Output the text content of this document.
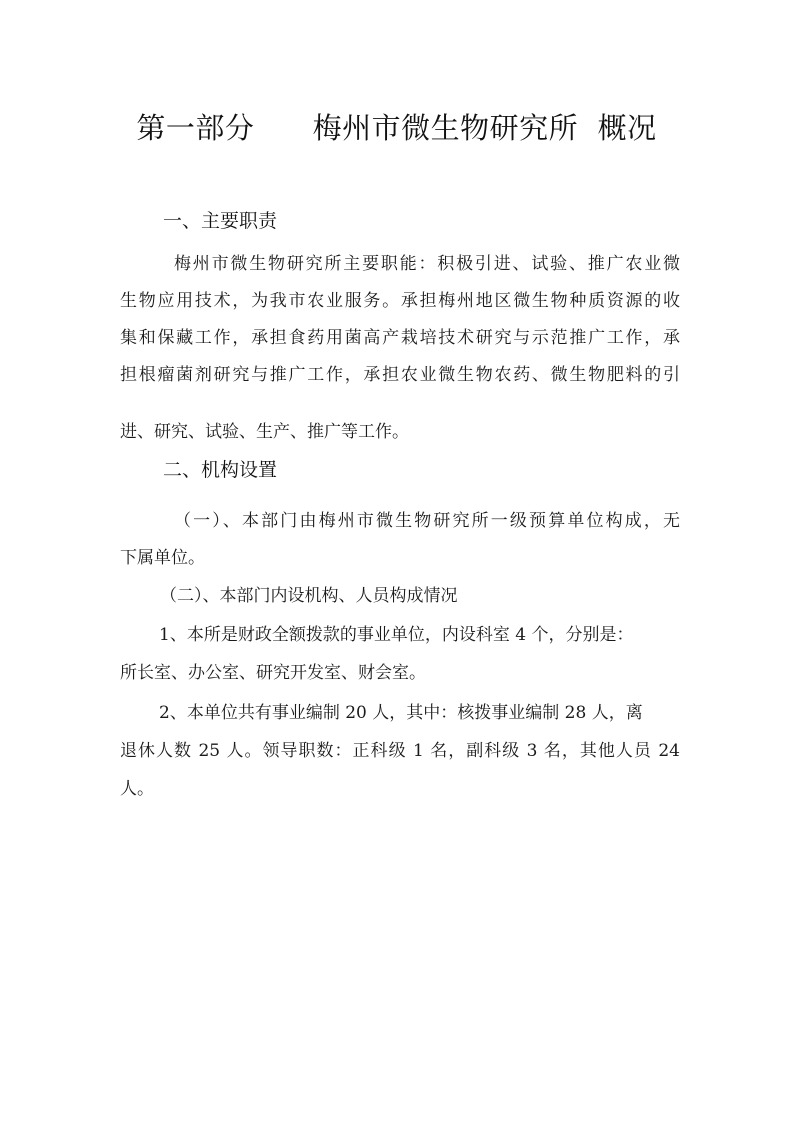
第一部分      梅州市微生物研究所  概况
一、主要职责
梅州市微生物研究所主要职能：积极引进、试验、推广农业微
生物应用技术，为我市农业服务。承担梅州地区微生物种质资源的收
集和保藏工作，承担食药用菌高产栽培技术研究与示范推广工作，承
担根瘤菌剂研究与推广工作，承担农业微生物农药、微生物肥料的引
进、研究、试验、生产、推广等工作。
二、机构设置
（一）、本部门由梅州市微生物研究所一级预算单位构成，无
下属单位。
（二）、本部门内设机构、人员构成情况
1、本所是财政全额拨款的事业单位，内设科室 4 个，分别是：
所长室、办公室、研究开发室、财会室。
2、本单位共有事业编制 20 人，其中：核拨事业编制 28 人，离
退休人数 25 人。领导职数：正科级 1 名，副科级 3 名，其他人员 24
人。
